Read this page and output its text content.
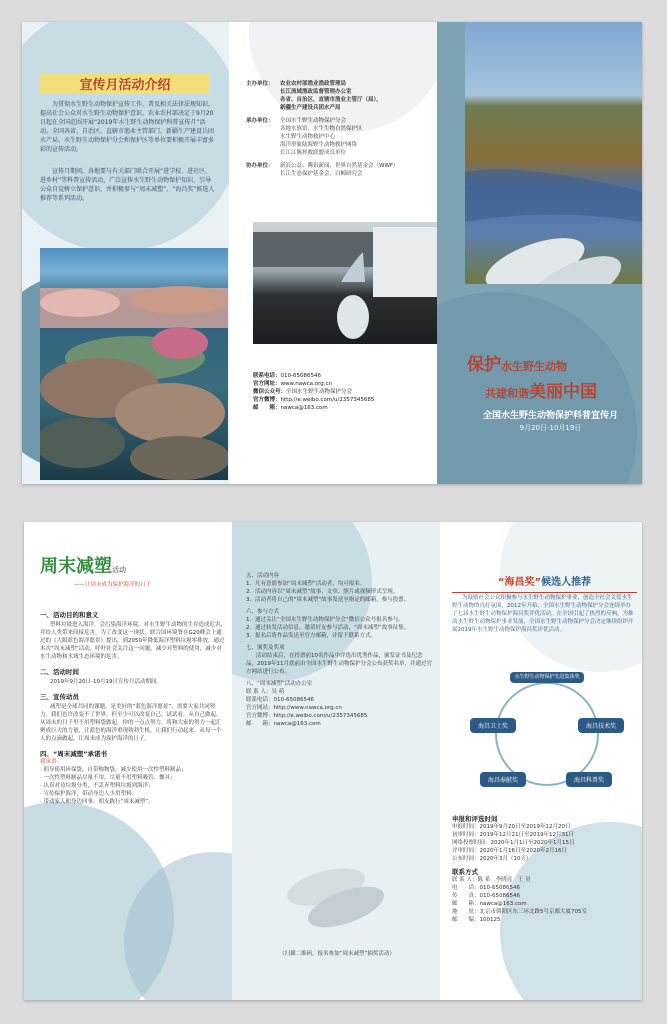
宣传月活动介绍
为贯彻水生野生动物保护宣传工作，普及相关法律法规知识，提高社会公众对水生野生动物保护意识，农业农村部决定于9月20日起在全国范围开展“2019年水生野生动物保护科普宣传月”活动。全国各省、自治区、直辖市渔业主管部门，新疆生产建设兵团水产局、水生野生动物保护分会和保护区等单位要积极开展丰富多彩的宣传活动。
宣传月期间，各地要与有关部门联合开展“进学校、进社区、进乡村”等科普宣传活动，广泛宣传水生野生动物保护知识，引导公众自觉树立保护意识，并积极参与“周末减塑”、“海昌奖”候选人推荐等系列活动。
主办单位：	农业农村部渔业渔政管理局
长江流域渔政监督管理办公室
各省、自治区，直辖市渔业主管厅（局），
新疆生产建设兵团水产局
承办单位：	全国水生野生动物保护分会
各地水族馆、水生生物自然保护区
水生野生动物救护中心
海洋形象陆海野生动物救护网络
长江江豚拯救联盟成员单位
协办单位：	新浪公益、腾讯新闻、世界自然基金会（WWF）
长江生态保护基金会、白鲸研究会
联系电话： 010-65086546
官方网址： www.nawca.org.cn
微信公众号： 全国水生野生动物保护分会
官方微博： http://e.weibo.com/u/2357345685
邮　　箱： nawca@163.com
保护水生野生动物
共建和谐美丽中国
全国水生野生动物保护科普宣传月
9月20日-10月19日
周末减塑活动
——让周末成为保护海洋的日子
一、活动目的和意义
塑料垃圾进入海洋，会污染海洋环境，对水生野生动物的生存造成危害，并给人类带来间接危害。为了改变这一现状，联合国环境署在G20峰会上通过的《大阪蓝色海洋愿景》提出，到2050年降低海洋塑料垃圾零排放。通过本次“周末减塑”活动，呼吁社会关注这一问题，减少对塑料的使用，减少对水生动物和水域生态环境的危害。
二、活动时间
2019年9月20日-10月19日宣传月活动期间。
三、宣传动员
减塑是全球共同的课题，是美好的“蓝色海洋愿景”，需要大家共同努力。我们也许改变不了世界，但至少可以改变自己。试试看，从自己做起，从周末的日子里不用塑料袋做起，你的一点点努力，将和大家的努力一起汇聚成巨大的力量，让蓝色的海洋重现勃勃生机。让我们行动起来，从每一个人的点滴做起，让周末成为保护海洋的日子。
四、“周末减塑”承诺书
我承诺：
· 倡导使用环保袋，自带购物袋，减少使用一次性塑料制品；
· 一次性塑料制品尽量不用，尽量不用塑料吸管、餐具；
· 认真对待垃圾分类，不丢弃塑料垃圾到海洋；
· 宣传保护海洋，带动身边人少用塑料；
· 带动家人和身边同事、朋友践行“周末减塑”。
五、活动内容
1．凡有意愿参加“周末减塑”活动者，均可报名。
2．活动内容以“周末减塑”故事、文章、照片或视频形式呈现。
3．活动者将自己的“周末减塑”故事发送至指定的邮箱，参与投票。
六、参与方式
1．通过关注“全国水生野生动物保护分会”微信公众号报名参与。
2．通过转发活动信息，邀请好友参与活动，“周末减塑”故事征集。
3．报名后将作品发送至官方邮箱，并留下联系方式。
七、颁奖及奖项
活动结束后，在投票前10名作品中评选出优秀作品，颁发证书及纪念品，2019年11月底前由全国水生野生动物保护分会公布获奖名单，并通过官方网站进行公布。
八、“周末减塑”活动办公室
联 系 人： 吴 萌
联系电话： 010-65086546
官方网站： http://www.nawca.org.cn
官方微博： http://e.weibo.com/u/2357345685
邮　　箱： nawca@163.com
（扫描二维码，报名参加“周末减塑”抽奖活动）
“海昌奖”候选人推荐
为鼓励社会公众积极参与水生野生动物保护事业，创造全社会关爱水生野生动物的良好氛围，2012年开始，全国水生野生动物保护分会连续举办了七届水生野生动物保护海昌奖评优活动，在全国引起了热烈的反响。为推动水生野生动物保护事业发展，全国水生野生动物保护分会决定继续组织开展2019年水生野生动物保护海昌奖评优活动。
水生野生动物保护先进集体奖
海昌卫士奖	海昌技术奖
海昌奉献奖	海昌科普奖
申报和评选时间
申报时间： 2019年9月20日至2019年12月20日
初审时间： 2019年12月21日至2019年12月31日
网络投票时间： 2020年1月1日至2020年1月15日
评审时间： 2020年1月16日至2020年2月16日
公布时间： 2020年3月（10天）
联系方式
联 系 人： 陈 希　李晓亮　王 昊
电　　话： 010-65086546
传　　真： 010-65086546
邮　　箱： nawca@163.com
地　　址： 北京市朝阳区东三环北路5号京都大厦705室
邮　　编： 100125
